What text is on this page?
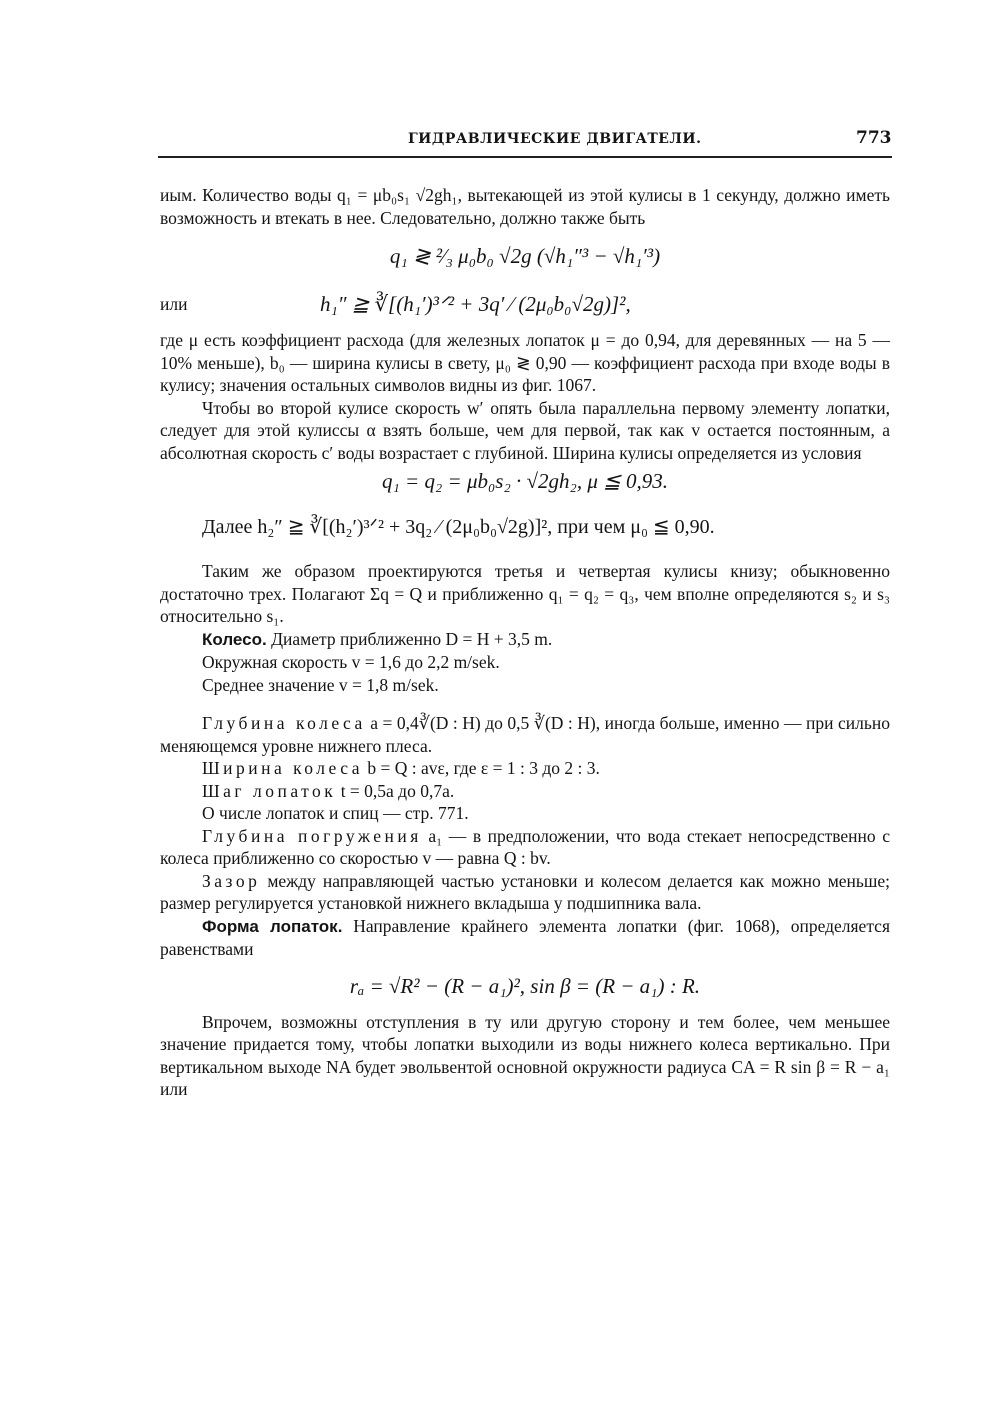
ГИДРАВЛИЧЕСКИЕ ДВИГАТЕЛИ.	773

иым. Количество воды q₁ = μb₀s₁ √2gh₁, вытекающей из этой кулисы в 1 секунду, должно иметь возможность и втекать в нее. Следовательно, должно также быть

q₁ ≷ ²⁄₃ μ₀b₀ √2g (√h₁″³ − √h₁′³)

или	h₁″ ≧ ∛[(h₁′)³ᐟ² + 3q′ ⁄ (2μ₀b₀√2g)]²,

где μ есть коэффициент расхода (для железных лопаток μ = до 0,94, для деревянных — на 5 — 10% меньше), b₀ — ширина кулисы в свету, μ₀ ≷ 0,90 — коэффициент расхода при входе воды в кулису; значения остальных символов видны из фиг. 1067.

Чтобы во второй кулисе скорость w′ опять была параллельна первому элементу лопатки, следует для этой кулиссы α взять больше, чем для первой, так как v остается постоянным, а абсолютная скорость c′ воды возрастает с глубиной. Ширина кулисы определяется из условия

q₁ = q₂ = μb₀s₂ · √2gh₂, μ ≦ 0,93.

Далее h₂″ ≧ ∛[(h₂′)³ᐟ² + 3q₂ ⁄ (2μ₀b₀√2g)]², при чем μ₀ ≦ 0,90.

Таким же образом проектируются третья и четвертая кулисы книзу; обыкновенно достаточно трех. Полагают Σq = Q и приближенно q₁ = q₂ = q₃, чем вполне определяются s₂ и s₃ относительно s₁.

Колесо. Диаметр приближенно D = H + 3,5 m.

Окружная скорость v = 1,6 до 2,2 m/sek.

Среднее значение v = 1,8 m/sek.

Глубина колеса a = 0,4∛(D : H) до 0,5 ∛(D : H), иногда больше, именно — при сильно меняющемся уровне нижнего плеса.

Ширина колеса b = Q : avε, где ε = 1 : 3 до 2 : 3.

Шаг лопаток t = 0,5a до 0,7a.

О числе лопаток и спиц — стр. 771.

Глубина погружения a₁ — в предположении, что вода стекает непосредственно с колеса приближенно со скоростью v — равна Q : bv.

Зазор между направляющей частью установки и колесом делается как можно меньше; размер регулируется установкой нижнего вкладыша у подшипника вала.

Форма лопаток. Направление крайнего элемента лопатки (фиг. 1068), определяется равенствами

rₐ = √R² − (R − a₁)², sin β = (R − a₁) : R.

Впрочем, возможны отступления в ту или другую сторону и тем более, чем меньшее значение придается тому, чтобы лопатки выходили из воды нижнего колеса вертикально. При вертикальном выходе NA будет эвольвентой основной окружности радиуса CA = R sin β = R − a₁ или
